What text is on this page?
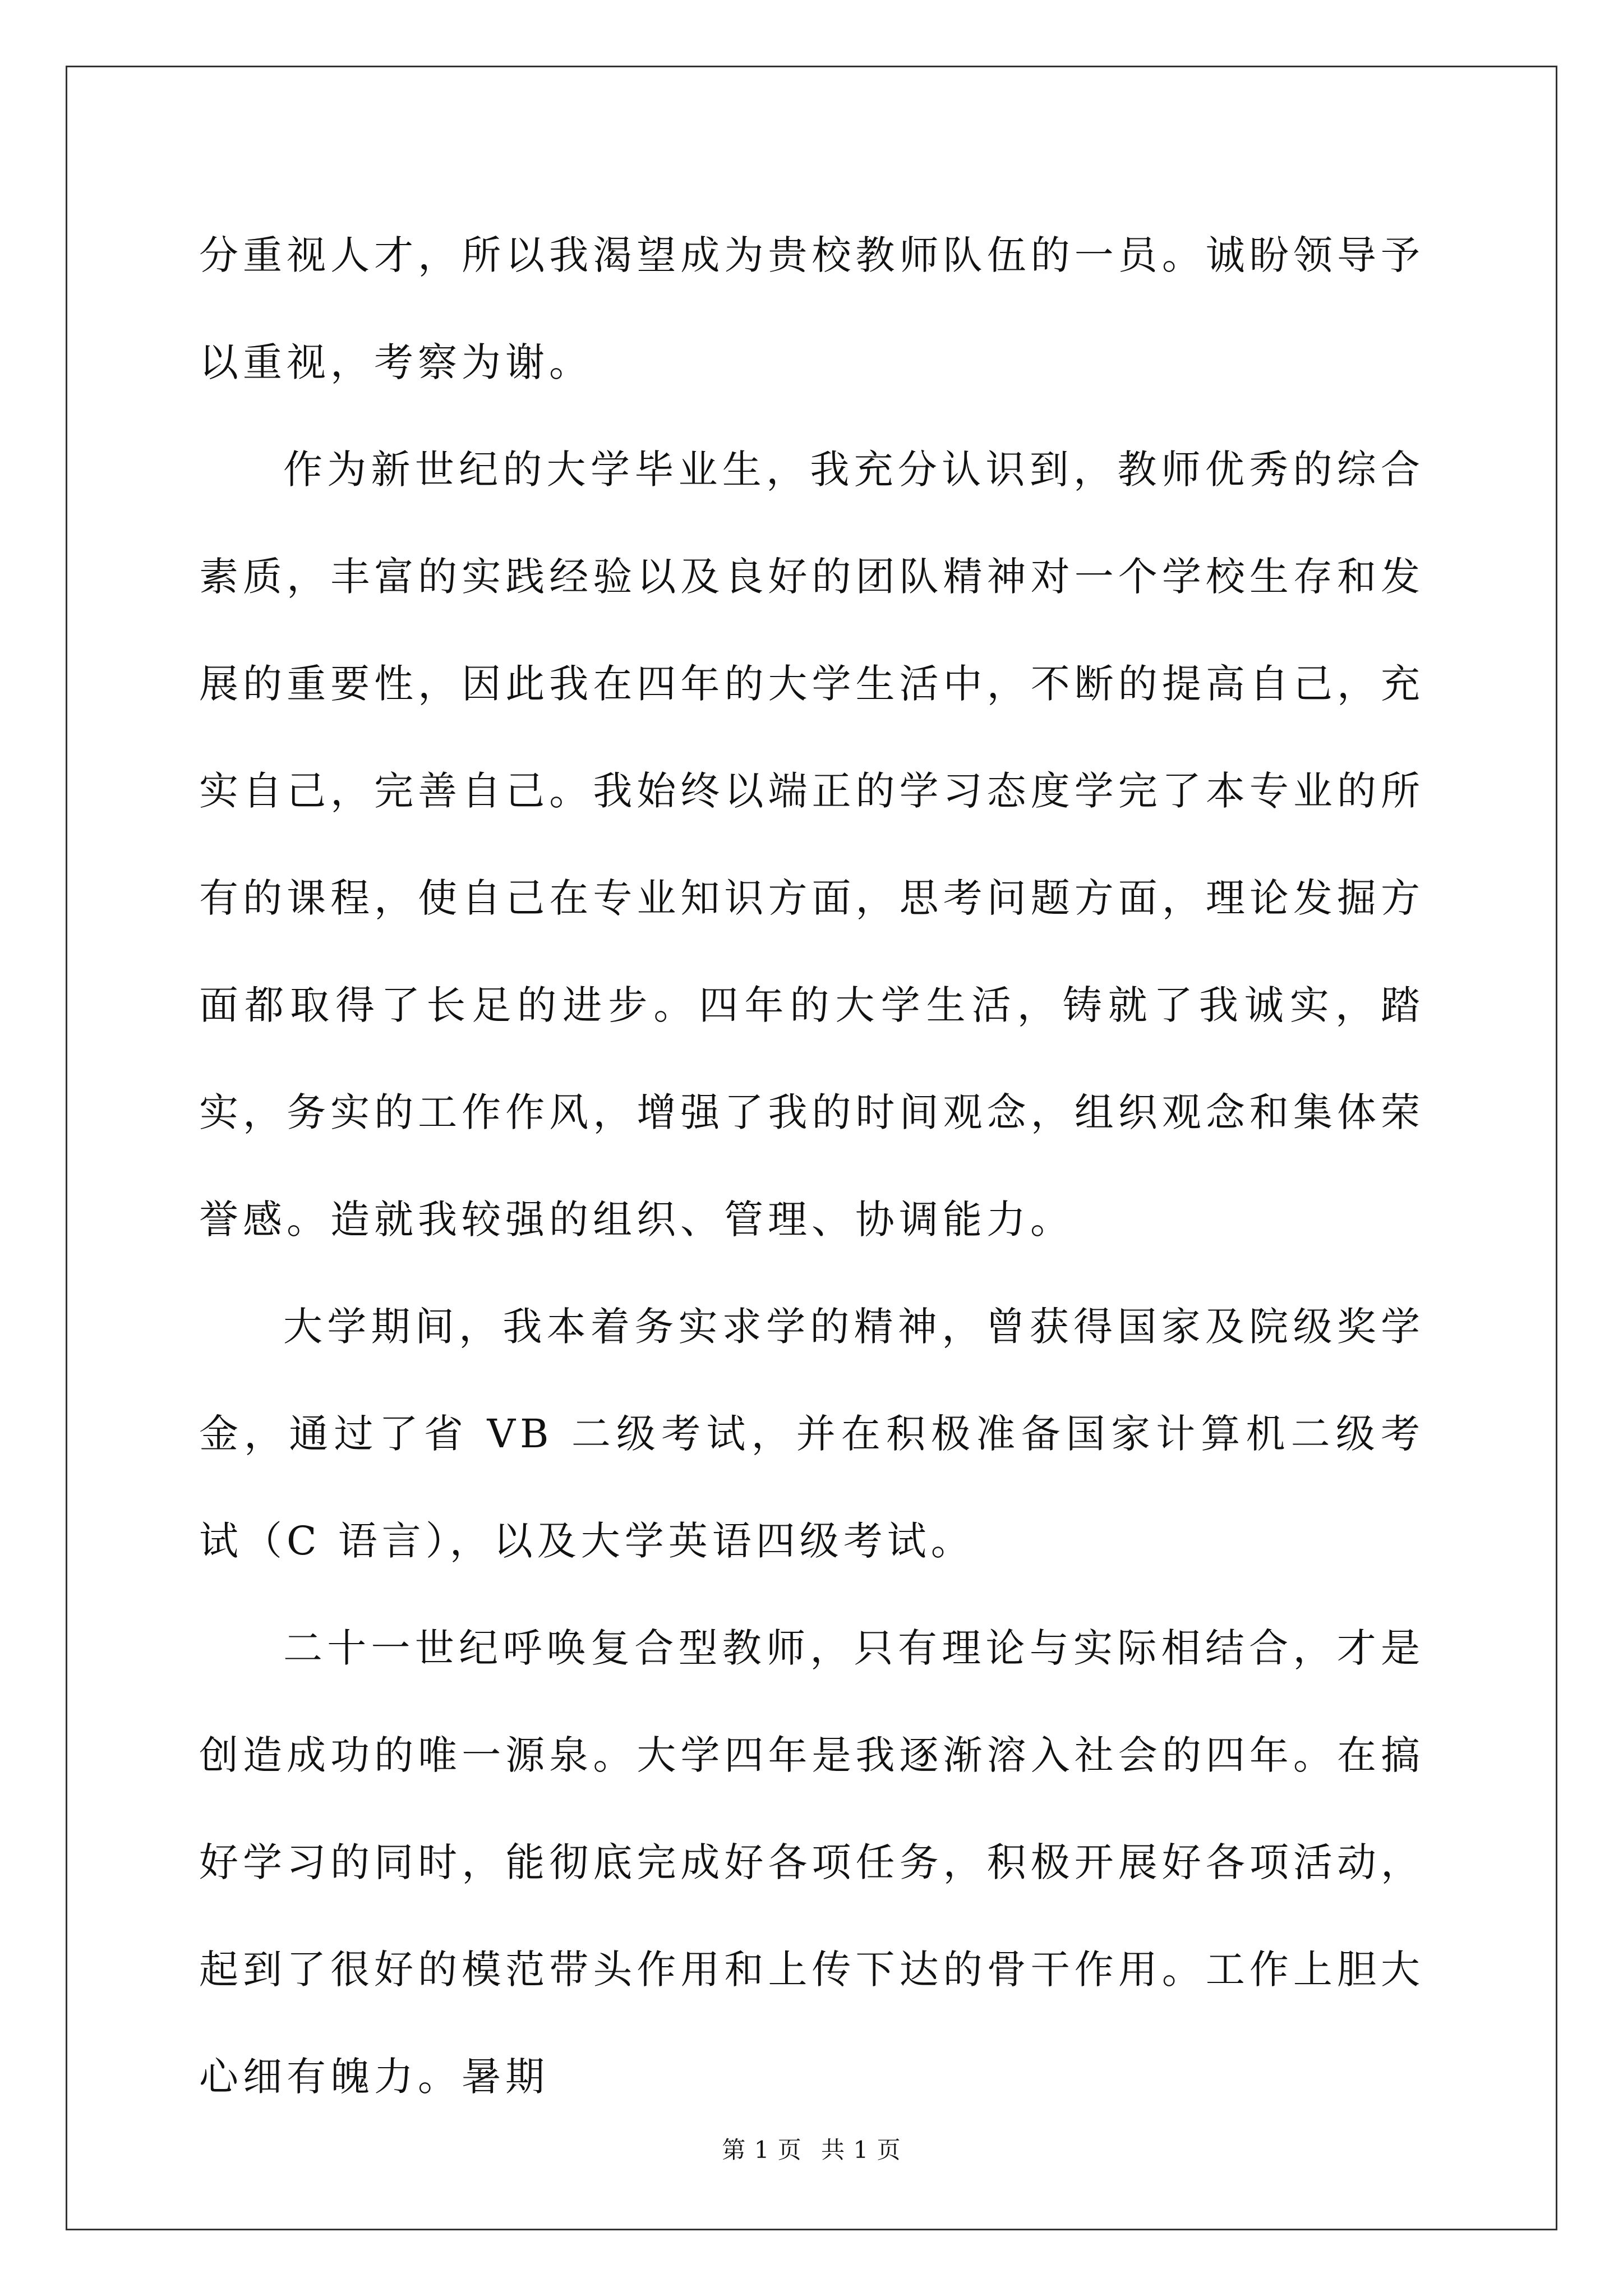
分重视人才，所以我渴望成为贵校教师队伍的一员。诚盼领导予以重视，考察为谢。

作为新世纪的大学毕业生，我充分认识到，教师优秀的综合素质，丰富的实践经验以及良好的团队精神对一个学校生存和发展的重要性，因此我在四年的大学生活中，不断的提高自己，充实自己，完善自己。我始终以端正的学习态度学完了本专业的所有的课程，使自己在专业知识方面，思考问题方面，理论发掘方面都取得了长足的进步。四年的大学生活，铸就了我诚实，踏实，务实的工作作风，增强了我的时间观念，组织观念和集体荣誉感。造就我较强的组织、管理、协调能力。

大学期间，我本着务实求学的精神，曾获得国家及院级奖学金，通过了省 VB 二级考试，并在积极准备国家计算机二级考试（C 语言），以及大学英语四级考试。

二十一世纪呼唤复合型教师，只有理论与实际相结合，才是创造成功的唯一源泉。大学四年是我逐渐溶入社会的四年。在搞好学习的同时，能彻底完成好各项任务，积极开展好各项活动，起到了很好的模范带头作用和上传下达的骨干作用。工作上胆大心细有魄力。暑期

第 1 页 共 1 页
